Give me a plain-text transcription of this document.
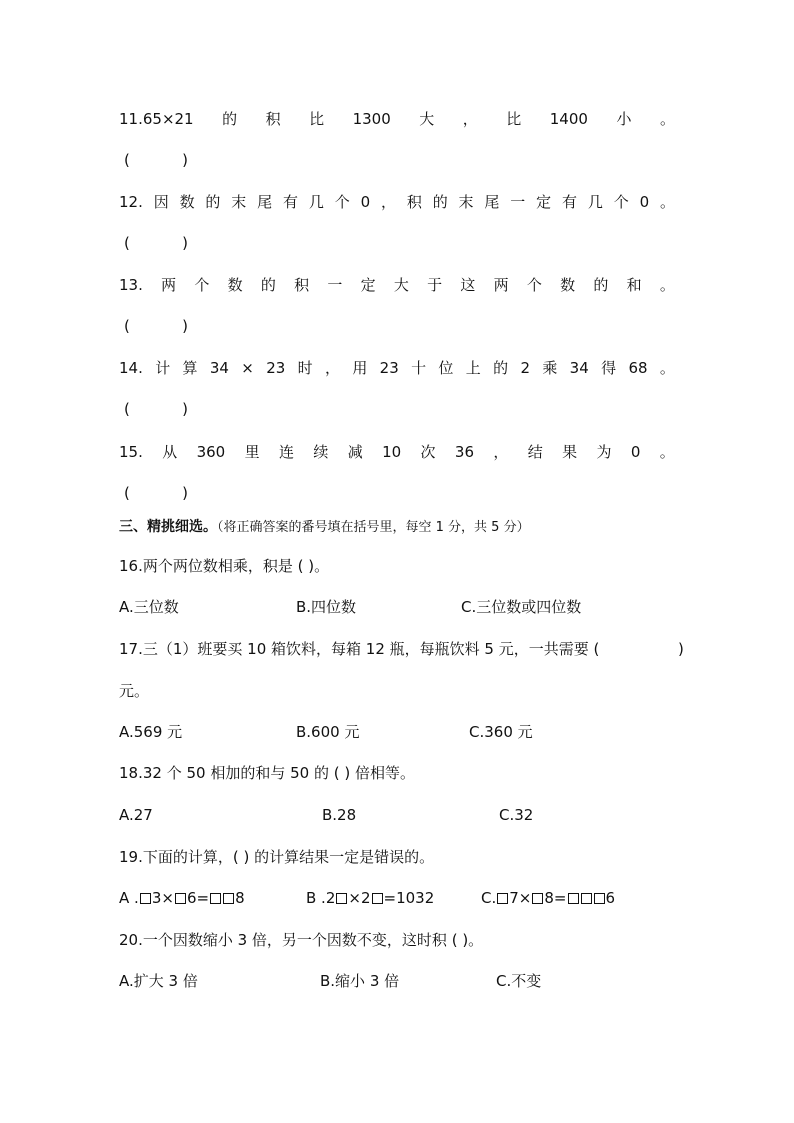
11.65×21 的 积 比 1300 大 ， 比 1400 小 。
(	)
12. 因 数 的 末 尾 有 几 个 0 ， 积 的 末 尾 一 定 有 几 个 0 。
(	)
13. 两 个 数 的 积 一 定 大 于 这 两 个 数 的 和 。
(	)
14. 计 算 34 × 23 时 ， 用 23 十 位 上 的 2 乘 34 得 68 。
(	)
15. 从 360 里 连 续 减 10 次 36 ， 结 果 为 0 。
(	)
三、精挑细选。（将正确答案的番号填在括号里，每空 1 分，共 5 分）
16.两个两位数相乘，积是 ( )。
A.三位数	B.四位数	C.三位数或四位数
17.三（1）班要买 10 箱饮料，每箱 12 瓶，每瓶饮料 5 元，一共需要 (	)
元。
A.569 元	B.600 元	C.360 元
18.32 个 50 相加的和与 50 的 ( ) 倍相等。
A.27	B.28	C.32
19.下面的计算，( ) 的计算结果一定是错误的。
A . 3× 6= 8	B .2 ×2 =1032	C. 7× 8=	6
20.一个因数缩小 3 倍，另一个因数不变，这时积 ( )。
A.扩大 3 倍	B.缩小 3 倍	C.不变
